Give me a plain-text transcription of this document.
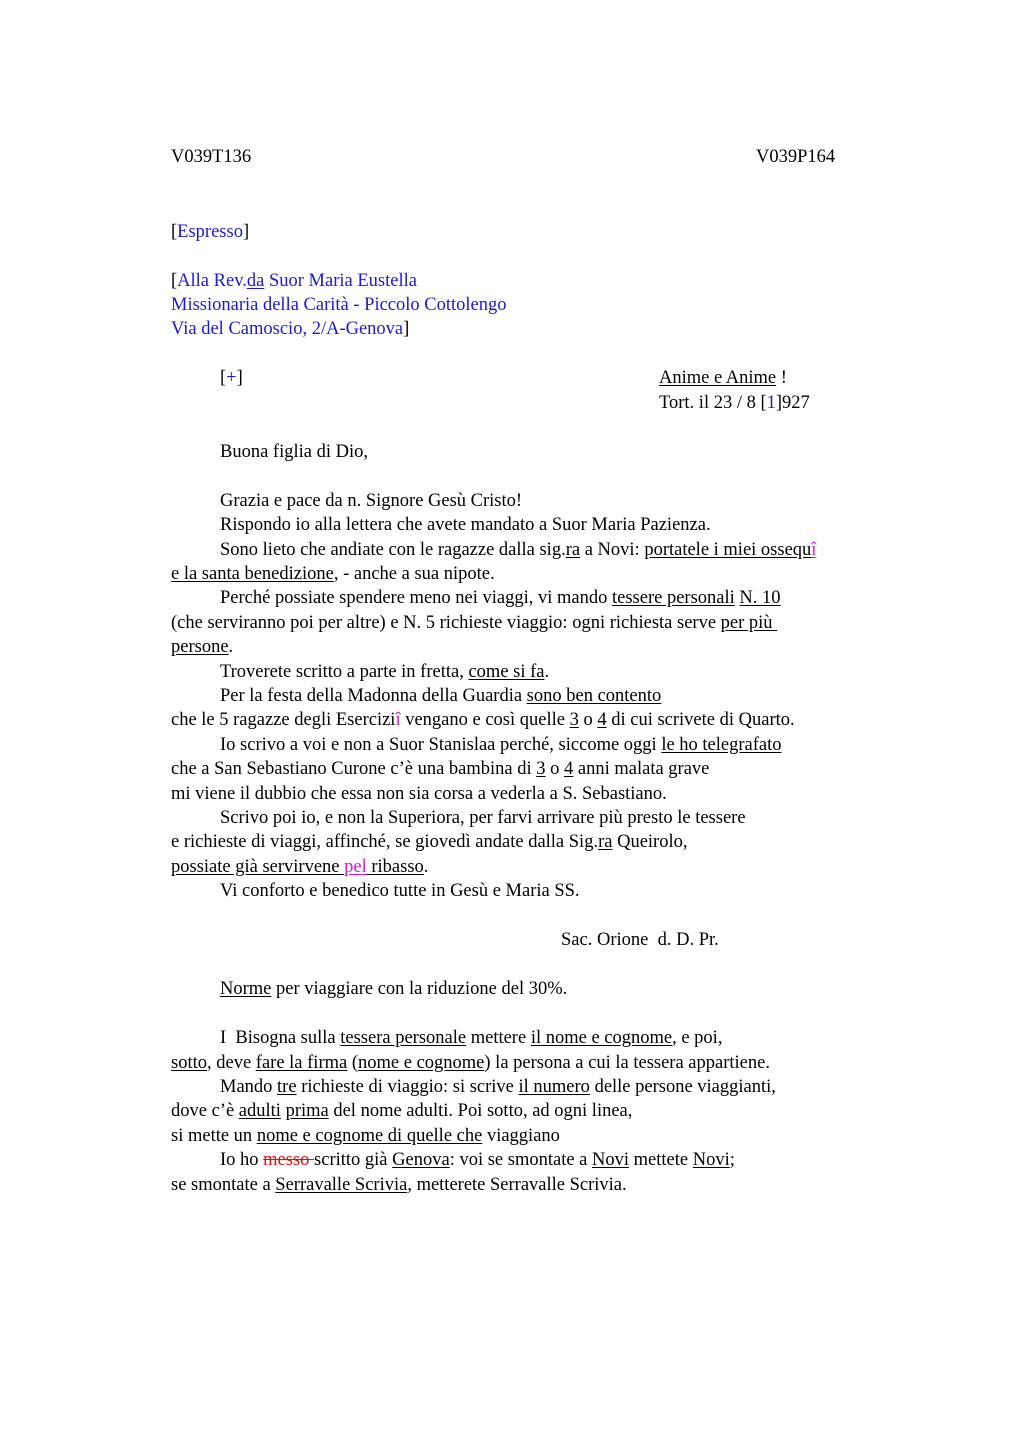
V039T136	V039P164
[Espresso]
[Alla Rev.da Suor Maria Eustella
Missionaria della Carità - Piccolo Cottolengo
Via del Camoscio, 2/A-Genova]
[+]	Anime e Anime !
Tort. il 23 / 8 [1]927
Buona figlia di Dio,
Grazia e pace da n. Signore Gesù Cristo!
Rispondo io alla lettera che avete mandato a Suor Maria Pazienza.
Sono lieto che andiate con le ragazze dalla sig.ra a Novi: portatele i miei ossequî
e la santa benedizione, - anche a sua nipote.
Perché possiate spendere meno nei viaggi, vi mando tessere personali N. 10
(che serviranno poi per altre) e N. 5 richieste viaggio: ogni richiesta serve per più
persone.
Troverete scritto a parte in fretta, come si fa.
Per la festa della Madonna della Guardia sono ben contento
che le 5 ragazze degli Eserciziî vengano e così quelle 3 o 4 di cui scrivete di Quarto.
Io scrivo a voi e non a Suor Stanislaa perché, siccome oggi le ho telegrafato
che a San Sebastiano Curone c’è una bambina di 3 o 4 anni malata grave
mi viene il dubbio che essa non sia corsa a vederla a S. Sebastiano.
Scrivo poi io, e non la Superiora, per farvi arrivare più presto le tessere
e richieste di viaggi, affinché, se giovedì andate dalla Sig.ra Queirolo,
possiate già servirvene pel ribasso.
Vi conforto e benedico tutte in Gesù e Maria SS.
Sac. Orione  d. D. Pr.
Norme per viaggiare con la riduzione del 30%.
I  Bisogna sulla tessera personale mettere il nome e cognome, e poi,
sotto, deve fare la firma (nome e cognome) la persona a cui la tessera appartiene.
Mando tre richieste di viaggio: si scrive il numero delle persone viaggianti,
dove c’è adulti prima del nome adulti. Poi sotto, ad ogni linea,
si mette un nome e cognome di quelle che viaggiano
Io ho messo scritto già Genova: voi se smontate a Novi mettete Novi;
se smontate a Serravalle Scrivia, metterete Serravalle Scrivia.
